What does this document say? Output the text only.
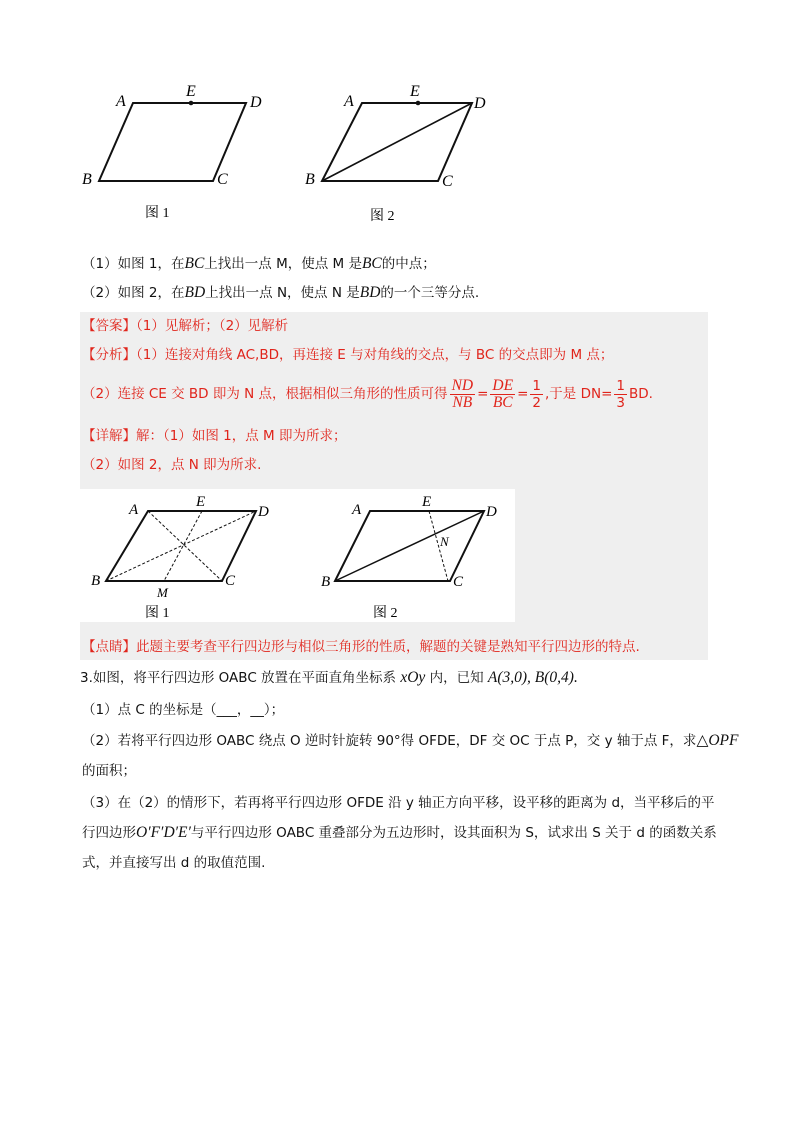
A
E
D
B	C
图 1
A
E
D
B	C
图 2
（1）如图 1，在BC上找出一点 M，使点 M 是BC的中点；
（2）如图 2，在BD上找出一点 N，使点 N 是BD的一个三等分点.
【答案】（1）见解析；（2）见解析
【分析】（1）连接对角线 AC,BD，再连接 E 与对角线的交点，与 BC 的交点即为 M 点；
（2）连接 CE 交 BD 即为 N 点，根据相似三角形的性质可得 $\frac{ND}{NB} = \frac{DE}{BC} = \frac{1}{2}$ ,于是 $DN= \frac{1}{3}$ BD.
【详解】解：（1）如图 1，点 M 即为所求；
（2）如图 2，点 N 即为所求.
A	E
D
B	C
M
图 1
A	E
D
B	C
N
图 2
【点睛】此题主要考查平行四边形与相似三角形的性质，解题的关键是熟知平行四边形的特点.
3.如图，将平行四边形 OABC 放置在平面直角坐标系 xOy 内，已知 A(3,0), B(0,4).
（1）点 C 的坐标是（___，__）；
（2）若将平行四边形 OABC 绕点 O 逆时针旋转 90°得 OFDE，DF 交 OC 于点 P，交 y 轴于点 F，求△OPF
的面积；
（3）在（2）的情形下，若再将平行四边形 OFDE 沿 y 轴正方向平移，设平移的距离为 d，当平移后的平
行四边形O′F′D′E′与平行四边形 OABC 重叠部分为五边形时，设其面积为 S，试求出 S 关于 d 的函数关系
式，并直接写出 d 的取值范围.
